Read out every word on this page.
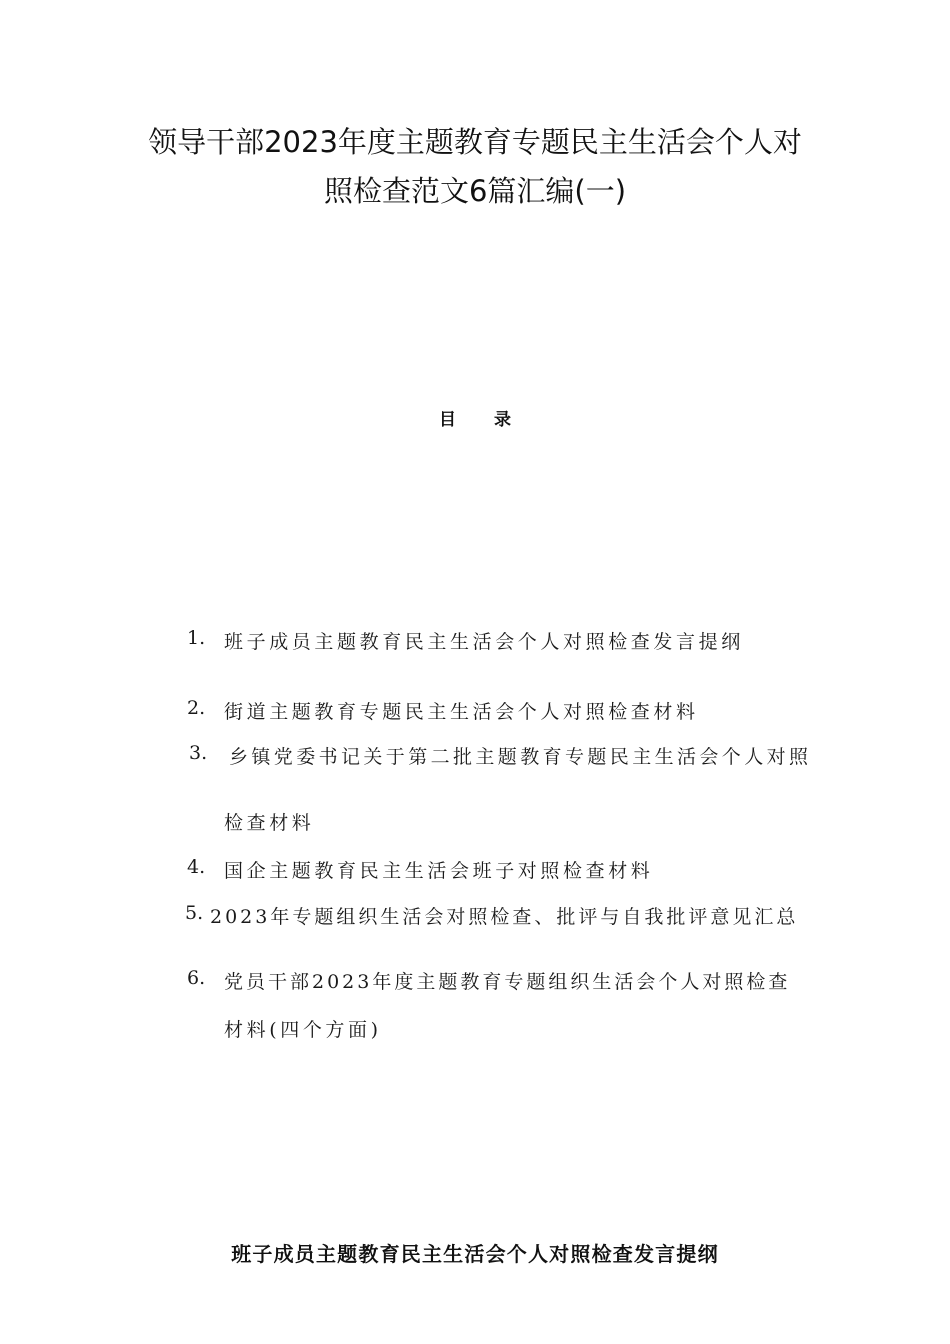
领导干部2023年度主题教育专题民主生活会个人对
照检查范文6篇汇编(一)
目录
1. 班子成员主题教育民主生活会个人对照检查发言提纲
2. 街道主题教育专题民主生活会个人对照检查材料
3. 乡镇党委书记关于第二批主题教育专题民主生活会个人对照
检查材料
4. 国企主题教育民主生活会班子对照检查材料
5. 2023年专题组织生活会对照检查、批评与自我批评意见汇总
6. 党员干部2023年度主题教育专题组织生活会个人对照检查
材料(四个方面)
班子成员主题教育民主生活会个人对照检查发言提纲
